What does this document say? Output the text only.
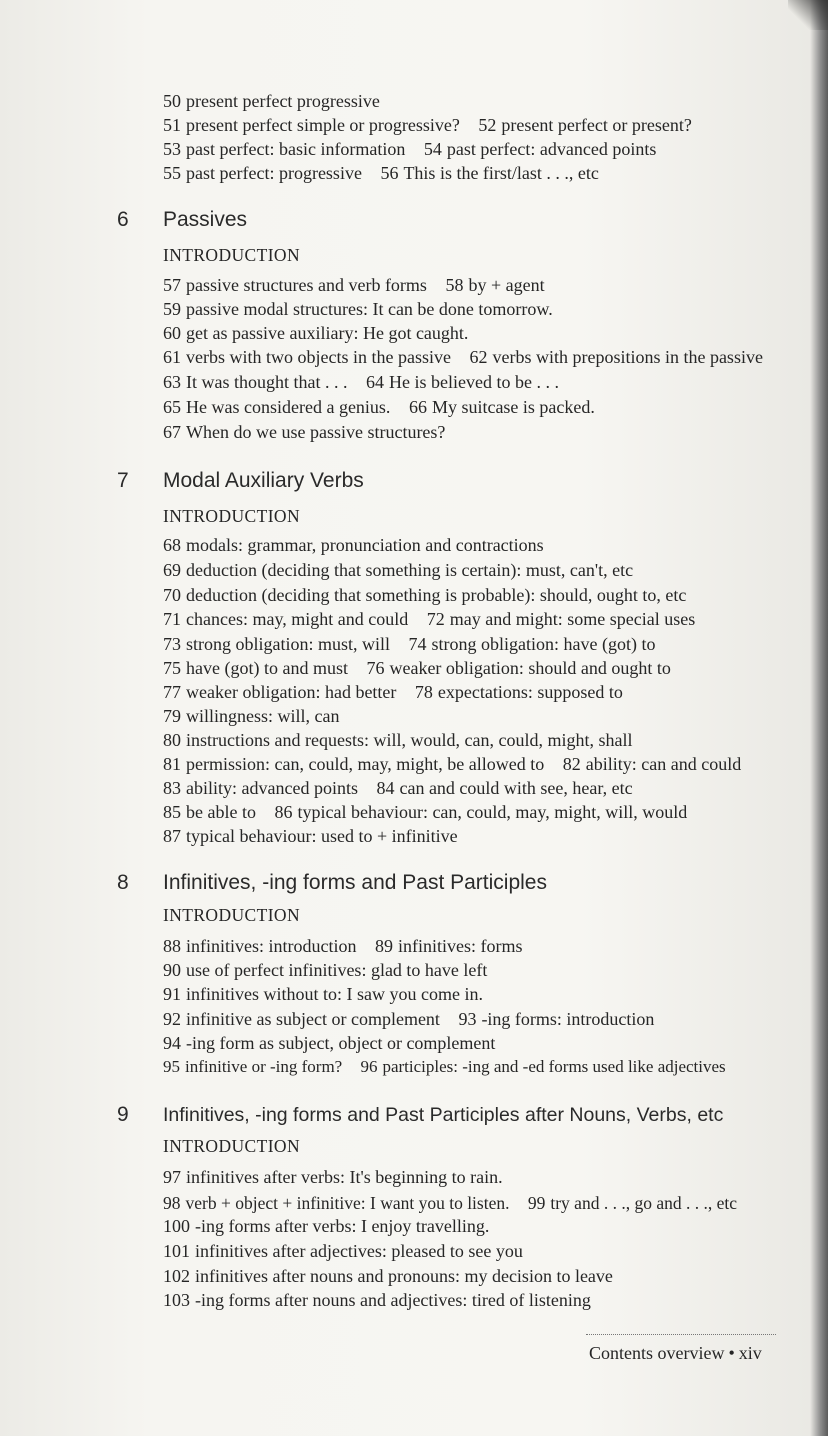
50 present perfect progressive
51 present perfect simple or progressive? 52 present perfect or present?
53 past perfect: basic information 54 past perfect: advanced points
55 past perfect: progressive 56 This is the first/last . . ., etc
6 Passives
INTRODUCTION
57 passive structures and verb forms 58 by + agent
59 passive modal structures: It can be done tomorrow.
60 get as passive auxiliary: He got caught.
61 verbs with two objects in the passive 62 verbs with prepositions in the passive
63 It was thought that . . . 64 He is believed to be . . .
65 He was considered a genius. 66 My suitcase is packed.
67 When do we use passive structures?
7 Modal Auxiliary Verbs
INTRODUCTION
68 modals: grammar, pronunciation and contractions
69 deduction (deciding that something is certain): must, can't, etc
70 deduction (deciding that something is probable): should, ought to, etc
71 chances: may, might and could 72 may and might: some special uses
73 strong obligation: must, will 74 strong obligation: have (got) to
75 have (got) to and must 76 weaker obligation: should and ought to
77 weaker obligation: had better 78 expectations: supposed to
79 willingness: will, can
80 instructions and requests: will, would, can, could, might, shall
81 permission: can, could, may, might, be allowed to 82 ability: can and could
83 ability: advanced points 84 can and could with see, hear, etc
85 be able to 86 typical behaviour: can, could, may, might, will, would
87 typical behaviour: used to + infinitive
8 Infinitives, -ing forms and Past Participles
INTRODUCTION
88 infinitives: introduction 89 infinitives: forms
90 use of perfect infinitives: glad to have left
91 infinitives without to: I saw you come in.
92 infinitive as subject or complement 93 -ing forms: introduction
94 -ing form as subject, object or complement
95 infinitive or -ing form? 96 participles: -ing and -ed forms used like adjectives
9 Infinitives, -ing forms and Past Participles after Nouns, Verbs, etc
INTRODUCTION
97 infinitives after verbs: It's beginning to rain.
98 verb + object + infinitive: I want you to listen. 99 try and . . ., go and . . ., etc
100 -ing forms after verbs: I enjoy travelling.
101 infinitives after adjectives: pleased to see you
102 infinitives after nouns and pronouns: my decision to leave
103 -ing forms after nouns and adjectives: tired of listening
Contents overview • xiv
